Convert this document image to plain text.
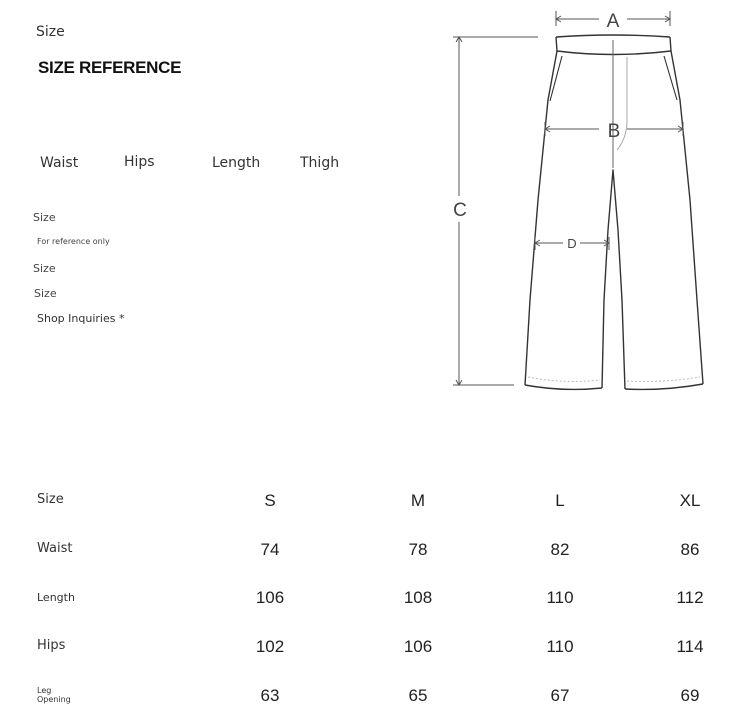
Size
SIZE REFERENCE
Waist	Hips	Length	Thigh
Size
For reference only
Size
Size
Shop Inquiries *
A
B
C
D
Size	S	M	L	XL
Waist	74	78	82	86
Length	106	108	110	112
Hips	102	106	110	114
Leg Opening	63	65	67	69
